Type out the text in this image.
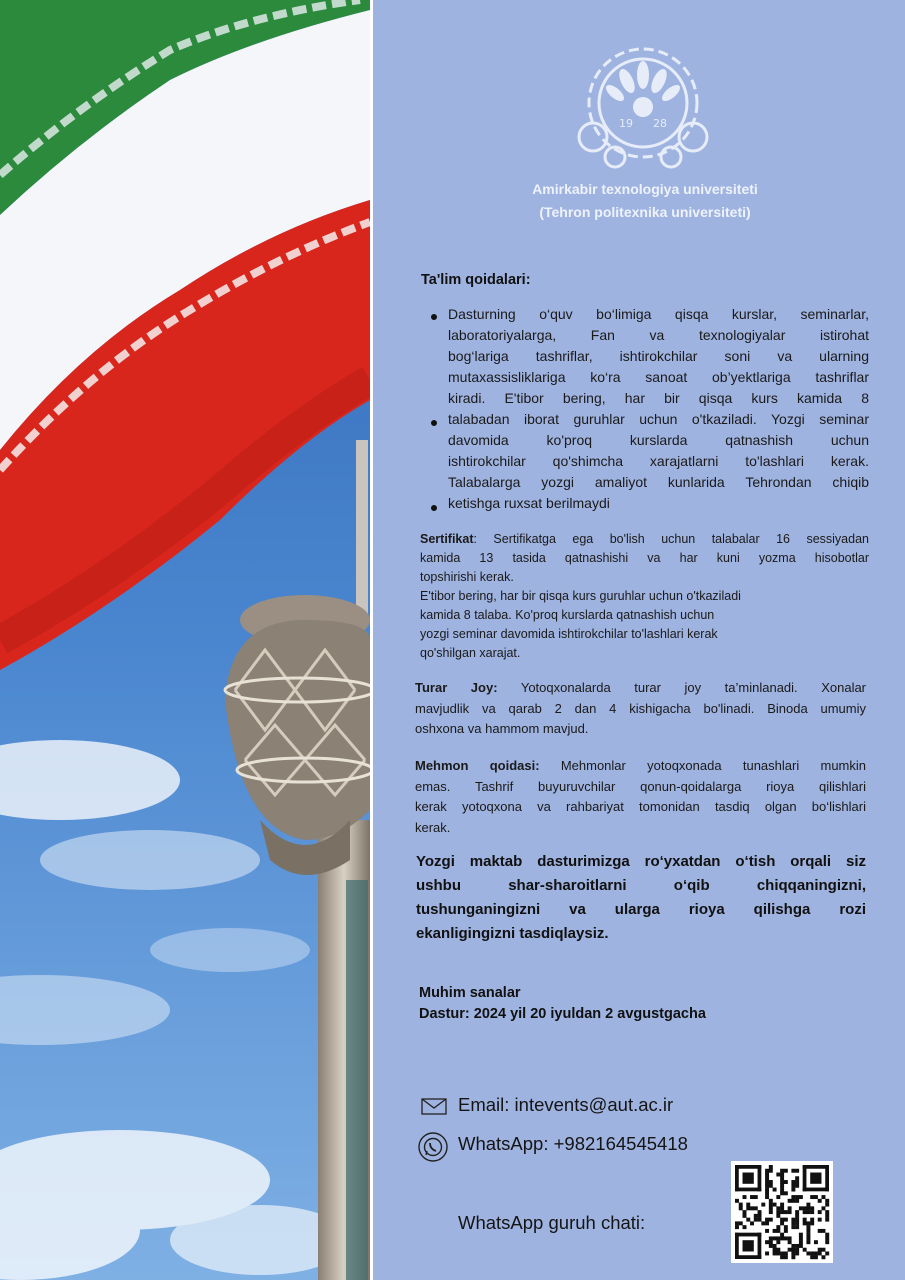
19 28
Amirkabir texnologiya universiteti
(Tehron politexnika universiteti)
Ta'lim qoidalari:

Dasturning o‘quv bo‘limiga qisqa kurslar, seminarlar,

laboratoriyalarga, Fan va texnologiyalar istirohat

bog‘lariga tashriflar, ishtirokchilar soni va ularning

mutaxassisliklariga ko‘ra sanoat ob’yektlariga tashriflar

kiradi. E'tibor bering, har bir qisqa kurs kamida 8

talabadan iborat guruhlar uchun o'tkaziladi. Yozgi seminar

davomida ko'proq kurslarda qatnashish uchun

ishtirokchilar qo'shimcha xarajatlarni to'lashlari kerak.

Talabalarga yozgi amaliyot kunlarida Tehrondan chiqib

ketishga ruxsat berilmaydi

Sertifikat: Sertifikatga ega bo'lish uchun talabalar 16 sessiyadan

kamida 13 tasida qatnashishi va har kuni yozma hisobotlar

topshirishi kerak.

E'tibor bering, har bir qisqa kurs guruhlar uchun o'tkaziladi

kamida 8 talaba. Ko'proq kurslarda qatnashish uchun

yozgi seminar davomida ishtirokchilar to'lashlari kerak

qo'shilgan xarajat.

Turar Joy: Yotoqxonalarda turar joy ta’minlanadi. Xonalar

mavjudlik va qarab 2 dan 4 kishigacha bo'linadi. Binoda umumiy

oshxona va hammom mavjud.

Mehmon qoidasi: Mehmonlar yotoqxonada tunashlari mumkin

emas. Tashrif buyuruvchilar qonun-qoidalarga rioya qilishlari

kerak yotoqxona va rahbariyat tomonidan tasdiq olgan bo‘lishlari

kerak.

Yozgi maktab dasturimizga ro‘yxatdan o‘tish orqali siz

ushbu shar-sharoitlarni o‘qib chiqqaningizni,

tushunganingizni va ularga rioya qilishga rozi

ekanligingizni tasdiqlaysiz.

Muhim sanalar
Dastur: 2024 yil 20 iyuldan 2 avgustgacha
Email: intevents@aut.ac.ir
WhatsApp: +982164545418
WhatsApp guruh chati:
